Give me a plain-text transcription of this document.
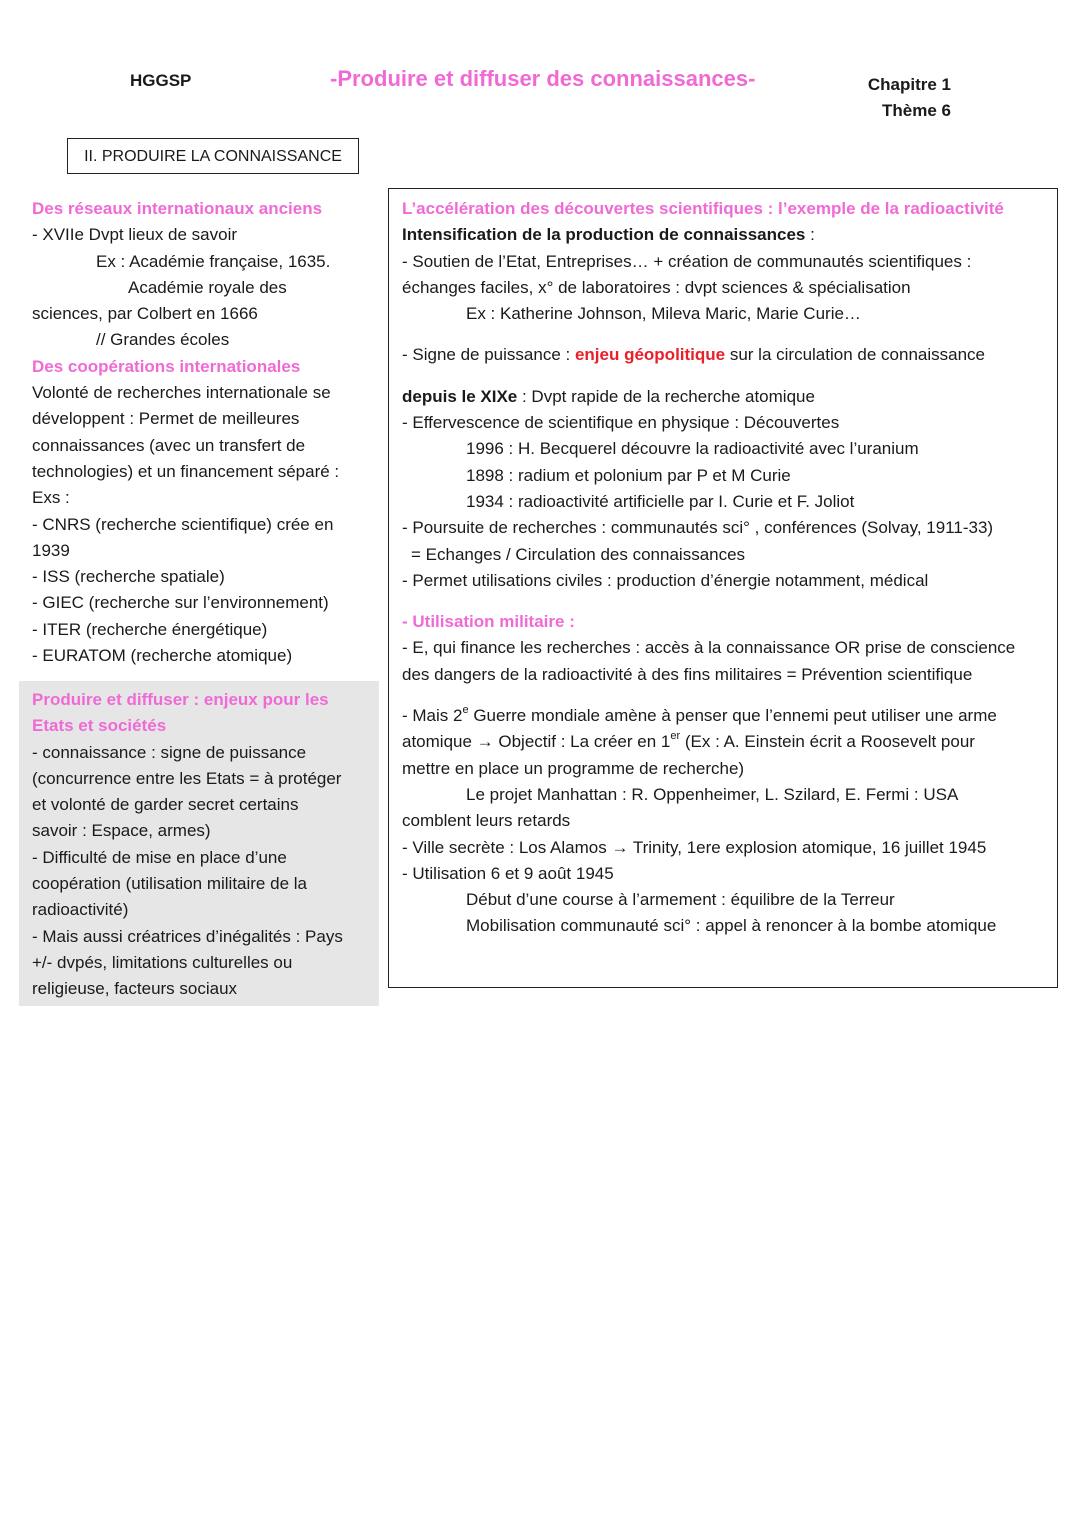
HGGSP	-Produire et diffuser des connaissances-	Chapitre 1
Thème 6
II. PRODUIRE LA CONNAISSANCE
Des réseaux internationaux anciens
- XVIIe Dvpt lieux de savoir
Ex : Académie française, 1635.
Académie royale des
sciences, par Colbert en 1666
// Grandes écoles
Des coopérations internationales
Volonté de recherches internationale se
développent : Permet de meilleures
connaissances (avec un transfert de
technologies) et un financement séparé :
Exs :
- CNRS (recherche scientifique) crée en
1939
- ISS (recherche spatiale)
- GIEC (recherche sur l’environnement)
- ITER (recherche énergétique)
- EURATOM (recherche atomique)
Produire et diffuser : enjeux pour les
Etats et sociétés
- connaissance : signe de puissance
(concurrence entre les Etats = à protéger
et volonté de garder secret certains
savoir : Espace, armes)
- Difficulté de mise en place d’une
coopération (utilisation militaire de la
radioactivité)
- Mais aussi créatrices d’inégalités : Pays
+/- dvpés, limitations culturelles ou
religieuse, facteurs sociaux
L’accélération des découvertes scientifiques : l’exemple de la radioactivité
Intensification de la production de connaissances :
- Soutien de l’Etat, Entreprises… + création de communautés scientifiques :
échanges faciles, x° de laboratoires : dvpt sciences & spécialisation
Ex : Katherine Johnson, Mileva Maric, Marie Curie…
- Signe de puissance : enjeu géopolitique sur la circulation de connaissance
depuis le XIXe : Dvpt rapide de la recherche atomique
- Effervescence de scientifique en physique : Découvertes
1996 : H. Becquerel découvre la radioactivité avec l’uranium
1898 : radium et polonium par P et M Curie
1934 : radioactivité artificielle par I. Curie et F. Joliot
- Poursuite de recherches : communautés sci° , conférences (Solvay, 1911-33)
= Echanges / Circulation des connaissances
- Permet utilisations civiles : production d’énergie notamment, médical
- Utilisation militaire :
- E, qui finance les recherches : accès à la connaissance OR prise de conscience
des dangers de la radioactivité à des fins militaires = Prévention scientifique
- Mais 2e Guerre mondiale amène à penser que l’ennemi peut utiliser une arme
atomique → Objectif : La créer en 1er (Ex : A. Einstein écrit a Roosevelt pour
mettre en place un programme de recherche)
Le projet Manhattan : R. Oppenheimer, L. Szilard, E. Fermi : USA
comblent leurs retards
- Ville secrète : Los Alamos → Trinity, 1ere explosion atomique, 16 juillet 1945
- Utilisation 6 et 9 août 1945
Début d’une course à l’armement : équilibre de la Terreur
Mobilisation communauté sci° : appel à renoncer à la bombe atomique
